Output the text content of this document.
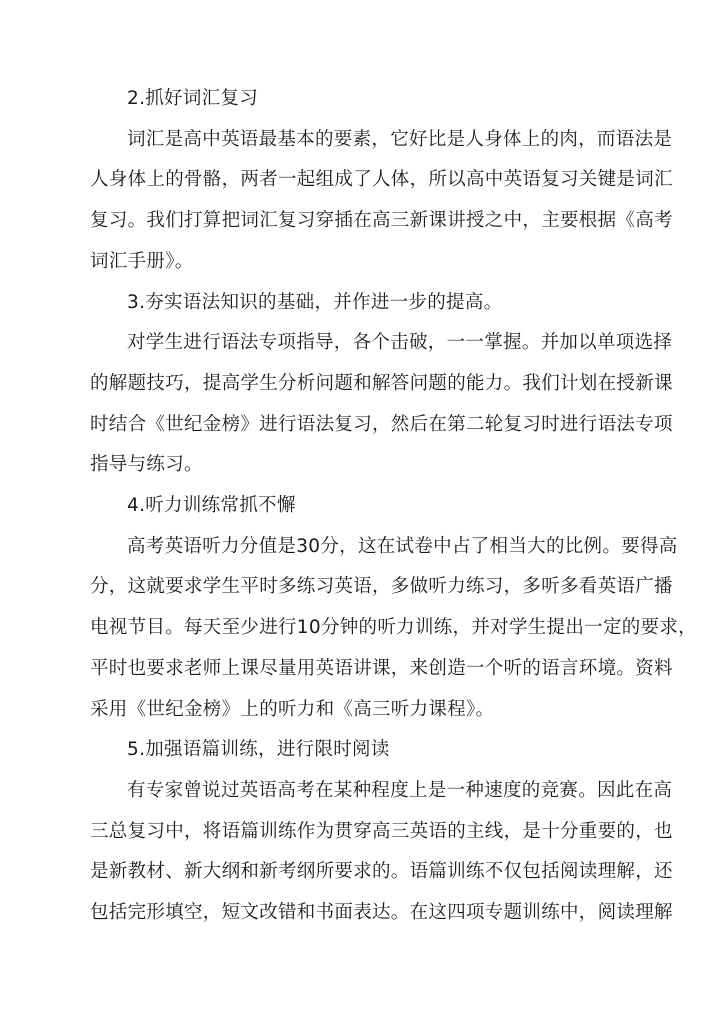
2.抓好词汇复习
词汇是高中英语最基本的要素，它好比是人身体上的肉，而语法是
人身体上的骨骼，两者一起组成了人体，所以高中英语复习关键是词汇
复习。我们打算把词汇复习穿插在高三新课讲授之中，主要根据《高考
词汇手册》。
3.夯实语法知识的基础，并作进一步的提高。
对学生进行语法专项指导，各个击破，一一掌握。并加以单项选择
的解题技巧，提高学生分析问题和解答问题的能力。我们计划在授新课
时结合《世纪金榜》进行语法复习，然后在第二轮复习时进行语法专项
指导与练习。
4.听力训练常抓不懈
高考英语听力分值是30分，这在试卷中占了相当大的比例。要得高
分，这就要求学生平时多练习英语，多做听力练习，多听多看英语广播
电视节目。每天至少进行10分钟的听力训练，并对学生提出一定的要求，
平时也要求老师上课尽量用英语讲课，来创造一个听的语言环境。资料
采用《世纪金榜》上的听力和《高三听力课程》。
5.加强语篇训练，进行限时阅读
有专家曾说过英语高考在某种程度上是一种速度的竞赛。因此在高
三总复习中，将语篇训练作为贯穿高三英语的主线，是十分重要的，也
是新教材、新大纲和新考纲所要求的。语篇训练不仅包括阅读理解，还
包括完形填空，短文改错和书面表达。在这四项专题训练中，阅读理解
